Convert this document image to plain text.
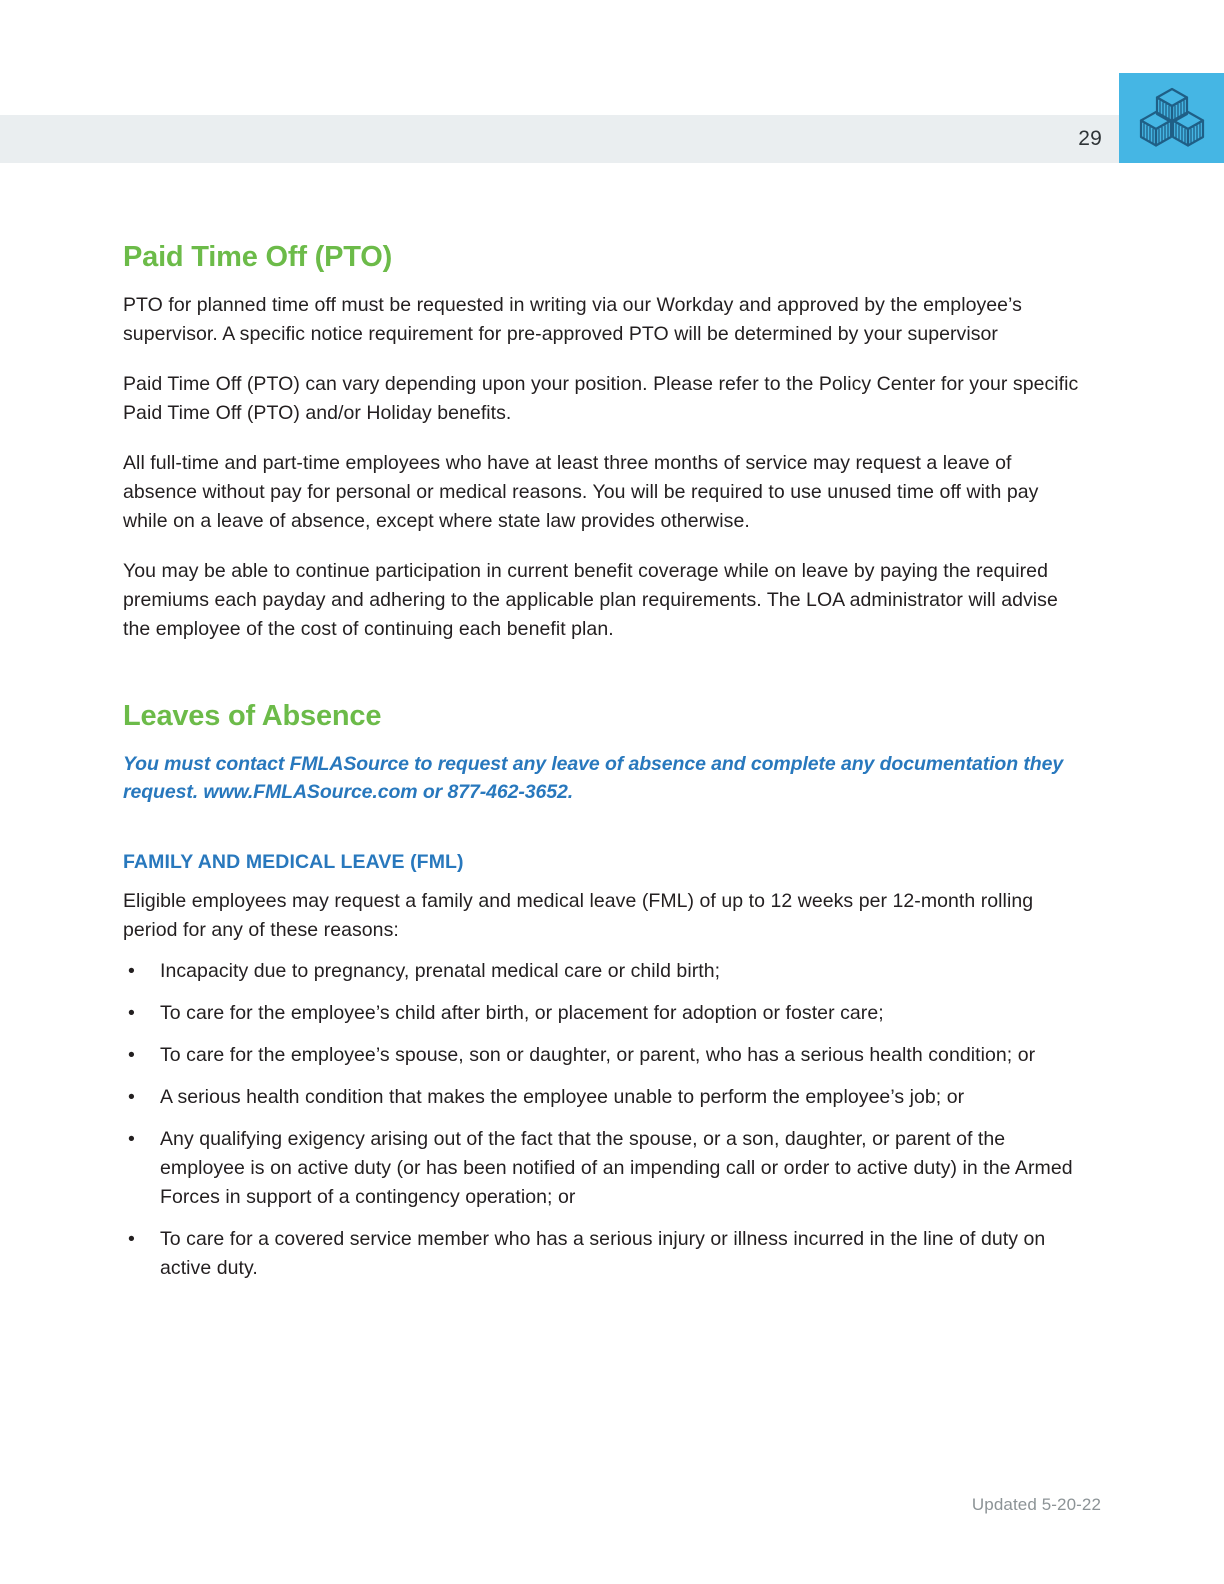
29
Paid Time Off (PTO)

PTO for planned time off must be requested in writing via our Workday and approved by the employee’s supervisor. A specific notice requirement for pre-approved PTO will be determined by your supervisor

Paid Time Off (PTO) can vary depending upon your position. Please refer to the Policy Center for your specific Paid Time Off (PTO) and/or Holiday benefits.

All full-time and part-time employees who have at least three months of service may request a leave of absence without pay for personal or medical reasons. You will be required to use unused time off with pay while on a leave of absence, except where state law provides otherwise.

You may be able to continue participation in current benefit coverage while on leave by paying the required premiums each payday and adhering to the applicable plan requirements. The LOA administrator will advise the employee of the cost of continuing each benefit plan.

Leaves of Absence

You must contact FMLASource to request any leave of absence and complete any documentation they request. www.FMLASource.com or 877-462-3652.

FAMILY AND MEDICAL LEAVE (FML)

Eligible employees may request a family and medical leave (FML) of up to 12 weeks per 12-month rolling period for any of these reasons:

• Incapacity due to pregnancy, prenatal medical care or child birth;
• To care for the employee’s child after birth, or placement for adoption or foster care;
• To care for the employee’s spouse, son or daughter, or parent, who has a serious health condition; or
• A serious health condition that makes the employee unable to perform the employee’s job; or
• Any qualifying exigency arising out of the fact that the spouse, or a son, daughter, or parent of the employee is on active duty (or has been notified of an impending call or order to active duty) in the Armed Forces in support of a contingency operation; or
• To care for a covered service member who has a serious injury or illness incurred in the line of duty on active duty.
Updated 5-20-22
